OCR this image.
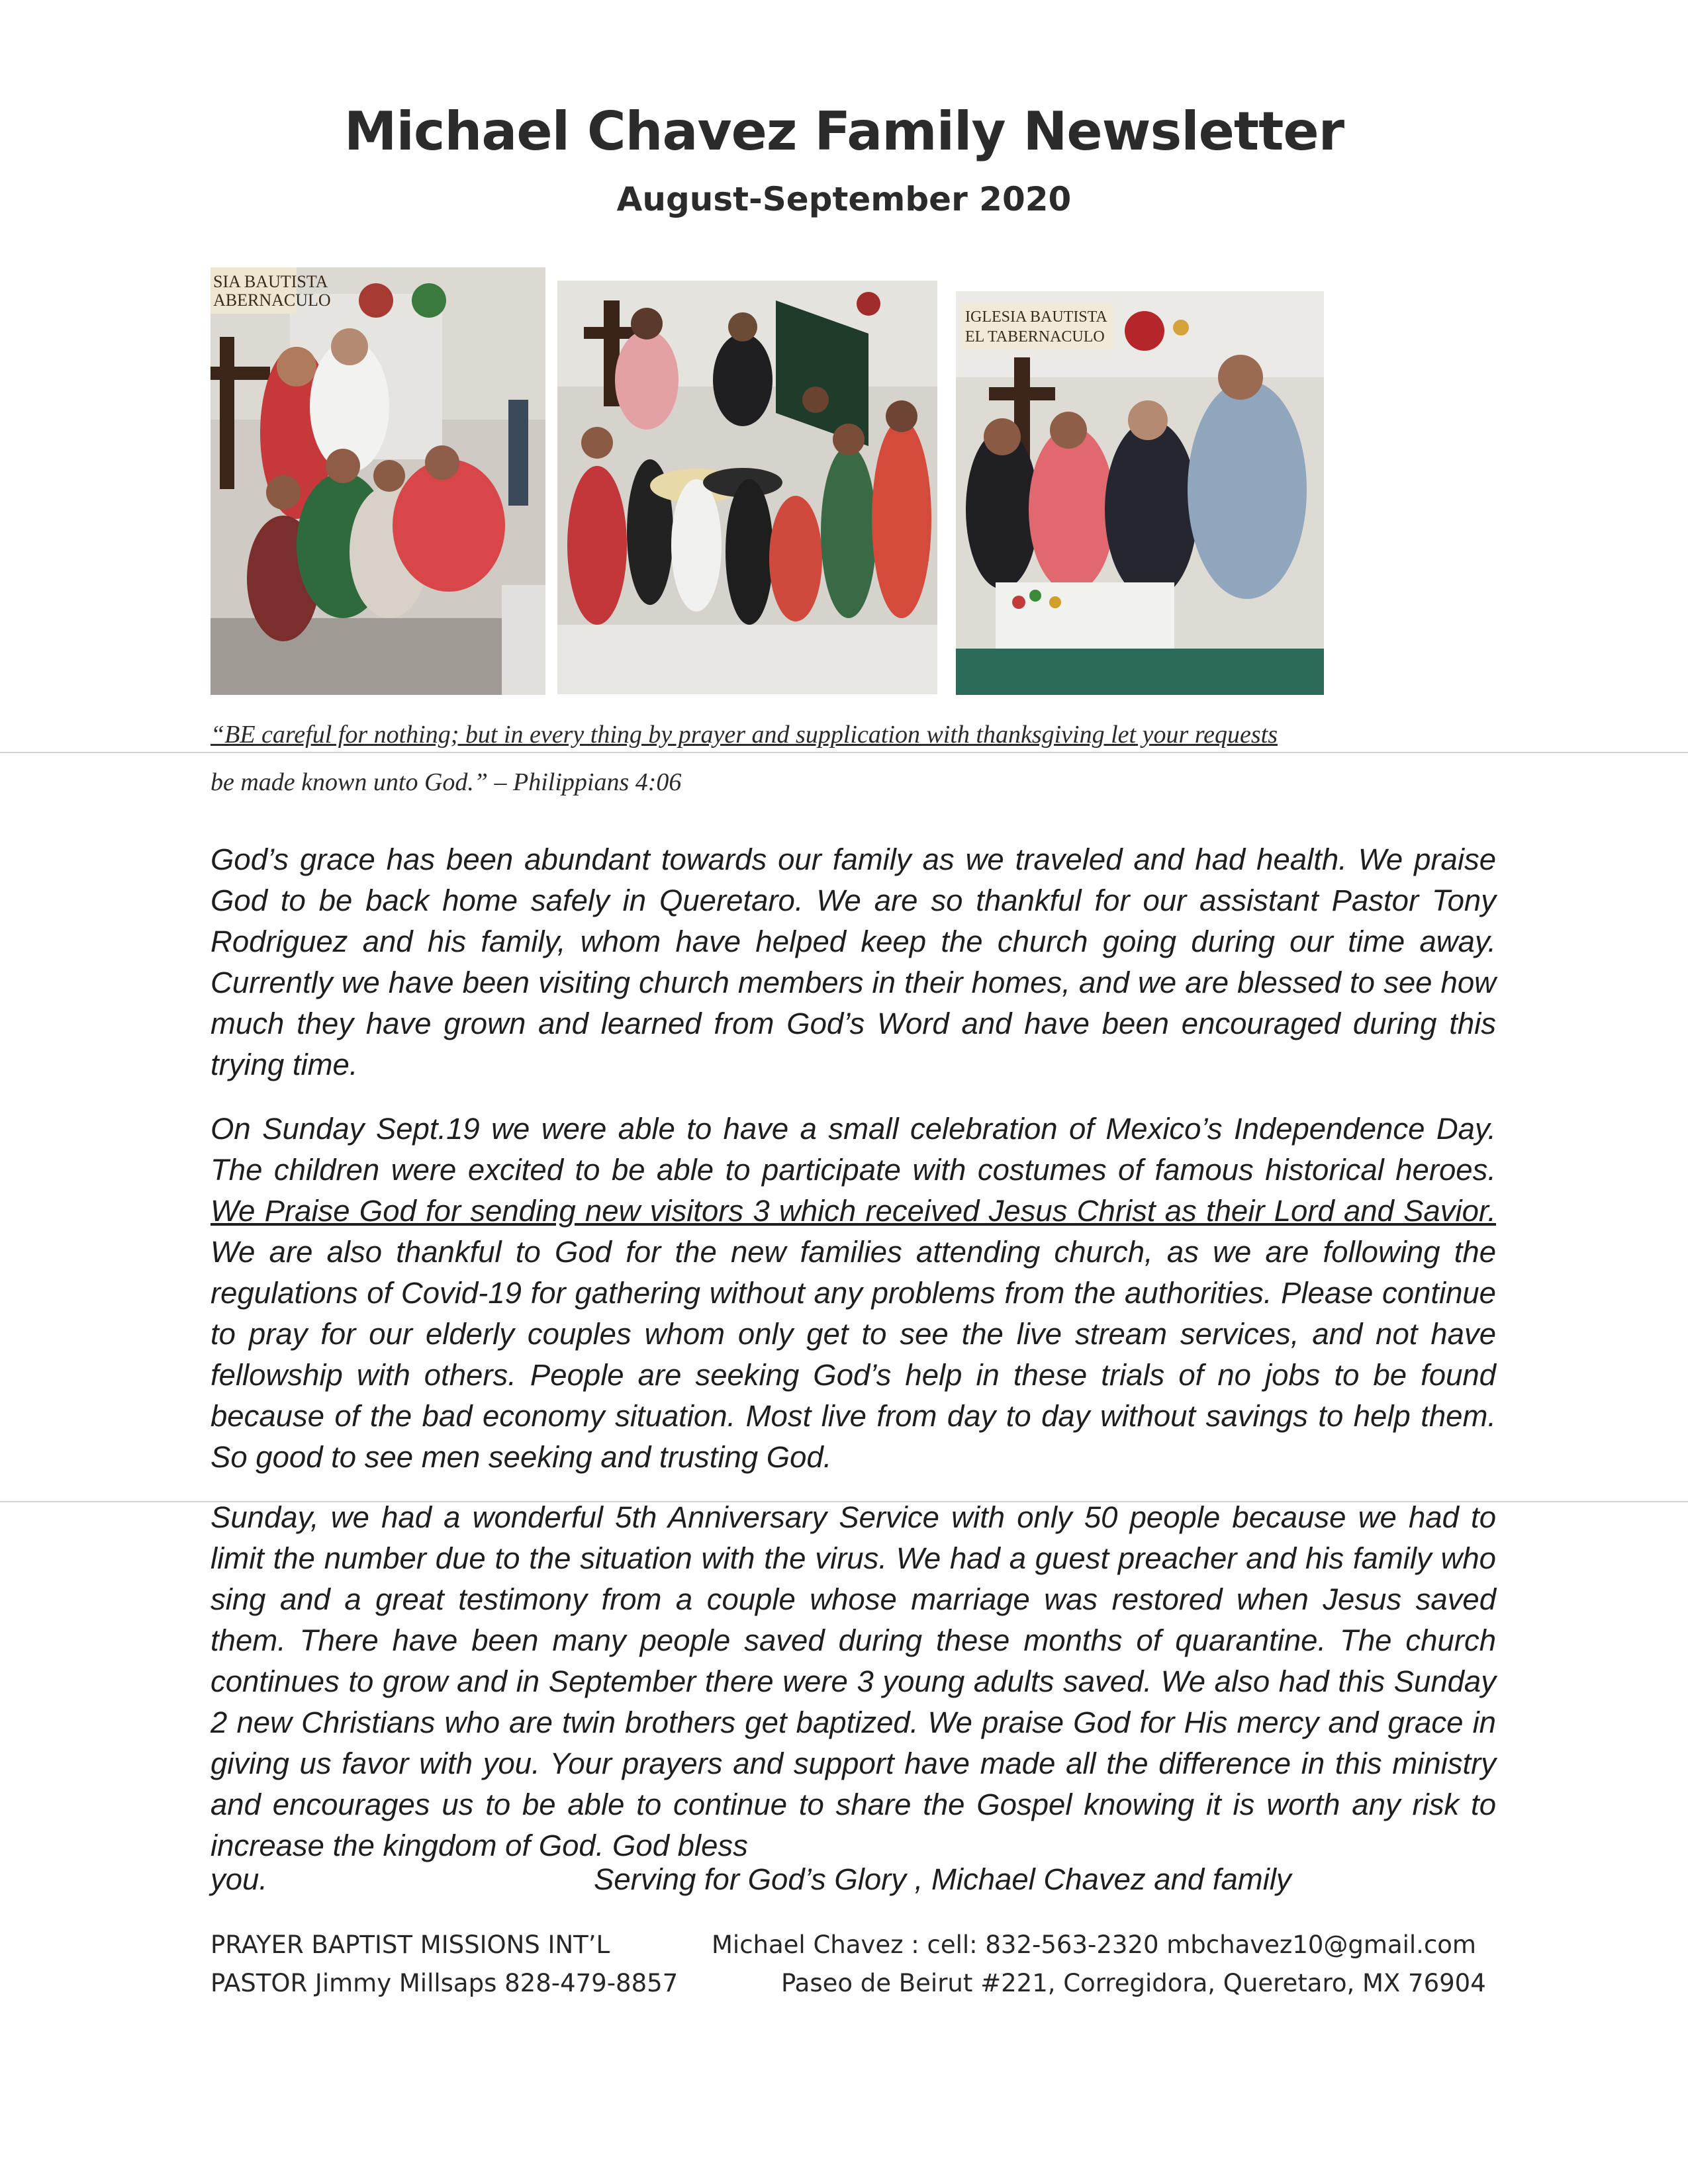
Michael Chavez Family Newsletter
August-September 2020
SIA BAUTISTA
ABERNACULO
IGLESIA BAUTISTA
EL TABERNACULO
“BE careful for nothing; but in every thing by prayer and supplication with thanksgiving let your requests
be made known unto God.” – Philippians 4:06

God’s grace has been abundant towards our family as we traveled and had health. We praise God to be back home safely in Queretaro. We are so thankful for our assistant Pastor Tony Rodriguez and his family, whom have helped keep the church going during our time away. Currently we have been visiting church members in their homes, and we are blessed to see how much they have grown and learned from God’s Word and have been encouraged during this trying time.

On Sunday Sept.19 we were able to have a small celebration of Mexico’s Independence Day. The children were excited to be able to participate with costumes of famous historical heroes. We Praise God for sending new visitors 3 which received Jesus Christ as their Lord and Savior. We are also thankful to God for the new families attending church, as we are following the regulations of Covid-19 for gathering without any problems from the authorities. Please continue to pray for our elderly couples whom only get to see the live stream services, and not have fellowship with others. People are seeking God’s help in these trials of no jobs to be found because of the bad economy situation. Most live from day to day without savings to help them. So good to see men seeking and trusting God.

Sunday, we had a wonderful 5th Anniversary Service with only 50 people because we had to limit the number due to the situation with the virus. We had a guest preacher and his family who sing and a great testimony from a couple whose marriage was restored when Jesus saved them. There have been many people saved during these months of quarantine. The church continues to grow and in September there were 3 young adults saved. We also had this Sunday 2 new Christians who are twin brothers get baptized. We praise God for His mercy and grace in giving us favor with you. Your prayers and support have made all the difference in this ministry and encourages us to be able to continue to share the Gospel knowing it is worth any risk to increase the kingdom of God. God bless

you.	Serving for God’s Glory , Michael Chavez and family
PRAYER BAPTIST MISSIONS INT’L
PASTOR Jimmy Millsaps 828-479-8857
Michael Chavez : cell: 832-563-2320 mbchavez10@gmail.com
Paseo de Beirut #221, Corregidora, Queretaro, MX 76904
